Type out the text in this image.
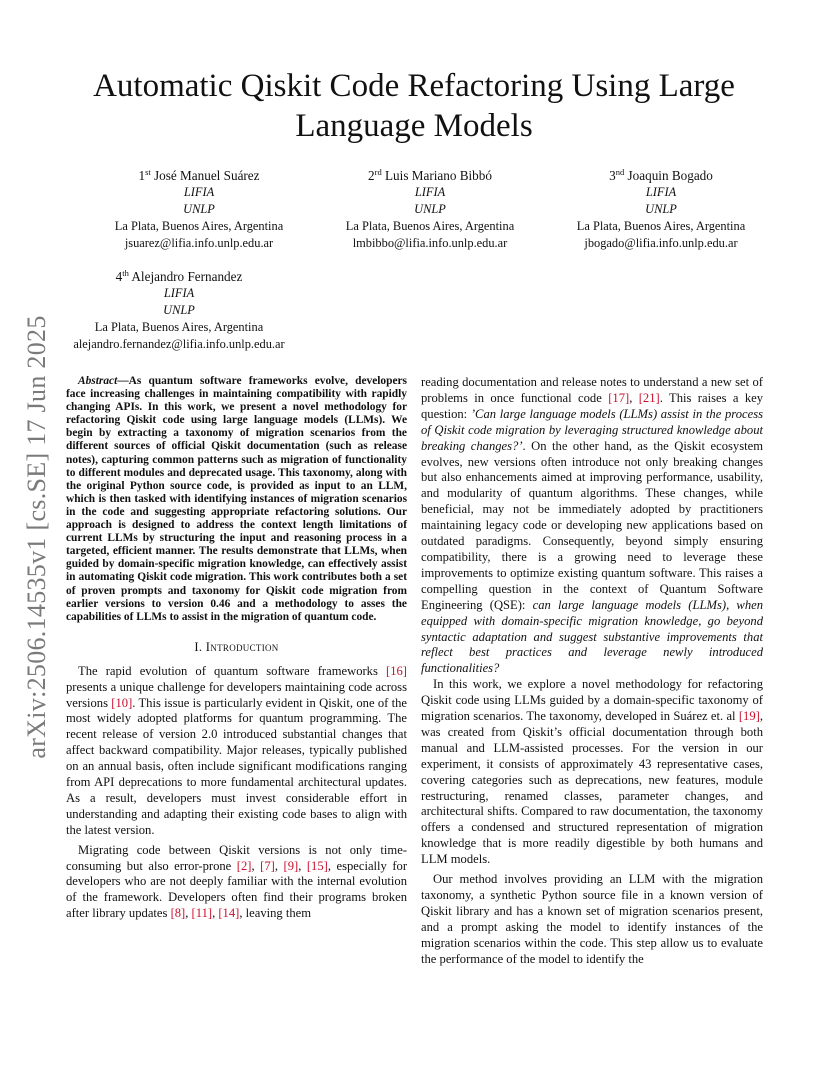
Automatic Qiskit Code Refactoring Using Large Language Models
1st José Manuel Suárez
LIFIA
UNLP
La Plata, Buenos Aires, Argentina
jsuarez@lifia.info.unlp.edu.ar
2rd Luis Mariano Bibbó
LIFIA
UNLP
La Plata, Buenos Aires, Argentina
lmbibbo@lifia.info.unlp.edu.ar
3nd Joaquin Bogado
LIFIA
UNLP
La Plata, Buenos Aires, Argentina
jbogado@lifia.info.unlp.edu.ar
4th Alejandro Fernandez
LIFIA
UNLP
La Plata, Buenos Aires, Argentina
alejandro.fernandez@lifia.info.unlp.edu.ar
arXiv:2506.14535v1 [cs.SE] 17 Jun 2025	Abstract—As quantum software frameworks evolve, developers face increasing challenges in maintaining compatibility with rapidly changing APIs. In this work, we present a novel methodology for refactoring Qiskit code using large language models (LLMs). We begin by extracting a taxonomy of migration scenarios from the different sources of official Qiskit documentation (such as release notes), capturing common patterns such as migration of functionality to different modules and deprecated usage. This taxonomy, along with the original Python source code, is provided as input to an LLM, which is then tasked with identifying instances of migration scenarios in the code and suggesting appropriate refactoring solutions. Our approach is designed to address the context length limitations of current LLMs by structuring the input and reasoning process in a targeted, efficient manner. The results demonstrate that LLMs, when guided by domain-specific migration knowledge, can effectively assist in automating Qiskit code migration. This work contributes both a set of proven prompts and taxonomy for Qiskit code migration from earlier versions to version 0.46 and a methodology to asses the capabilities of LLMs to assist in the migration of quantum code.

I. Introduction

The rapid evolution of quantum software frameworks [16] presents a unique challenge for developers maintaining code across versions [10]. This issue is particularly evident in Qiskit, one of the most widely adopted platforms for quantum programming. The recent release of version 2.0 introduced substantial changes that affect backward compatibility. Major releases, typically published on an annual basis, often include significant modifications ranging from API deprecations to more fundamental architectural updates. As a result, developers must invest considerable effort in understanding and adapting their existing code bases to align with the latest version.

Migrating code between Qiskit versions is not only time-consuming but also error-prone [2], [7], [9], [15], especially for developers who are not deeply familiar with the internal evolution of the framework. Developers often find their programs broken after library updates [8], [11], [14], leaving them

reading documentation and release notes to understand a new set of problems in once functional code [17], [21]. This raises a key question: ’Can large language models (LLMs) assist in the process of Qiskit code migration by leveraging structured knowledge about breaking changes?’. On the other hand, as the Qiskit ecosystem evolves, new versions often introduce not only breaking changes but also enhancements aimed at improving performance, usability, and modularity of quantum algorithms. These changes, while beneficial, may not be immediately adopted by practitioners maintaining legacy code or developing new applications based on outdated paradigms. Consequently, beyond simply ensuring compatibility, there is a growing need to leverage these improvements to optimize existing quantum software. This raises a compelling question in the context of Quantum Software Engineering (QSE): can large language models (LLMs), when equipped with domain-specific migration knowledge, go beyond syntactic adaptation and suggest substantive improvements that reflect best practices and leverage newly introduced functionalities?

In this work, we explore a novel methodology for refactoring Qiskit code using LLMs guided by a domain-specific taxonomy of migration scenarios. The taxonomy, developed in Suárez et. al [19], was created from Qiskit’s official documentation through both manual and LLM-assisted processes. For the version in our experiment, it consists of approximately 43 representative cases, covering categories such as deprecations, new features, module restructuring, renamed classes, parameter changes, and architectural shifts. Compared to raw documentation, the taxonomy offers a condensed and structured representation of migration knowledge that is more readily digestible by both humans and LLM models.

Our method involves providing an LLM with the migration taxonomy, a synthetic Python source file in a known version of Qiskit library and has a known set of migration scenarios present, and a prompt asking the model to identify instances of the migration scenarios within the code. This step allow us to evaluate the performance of the model to identify the
